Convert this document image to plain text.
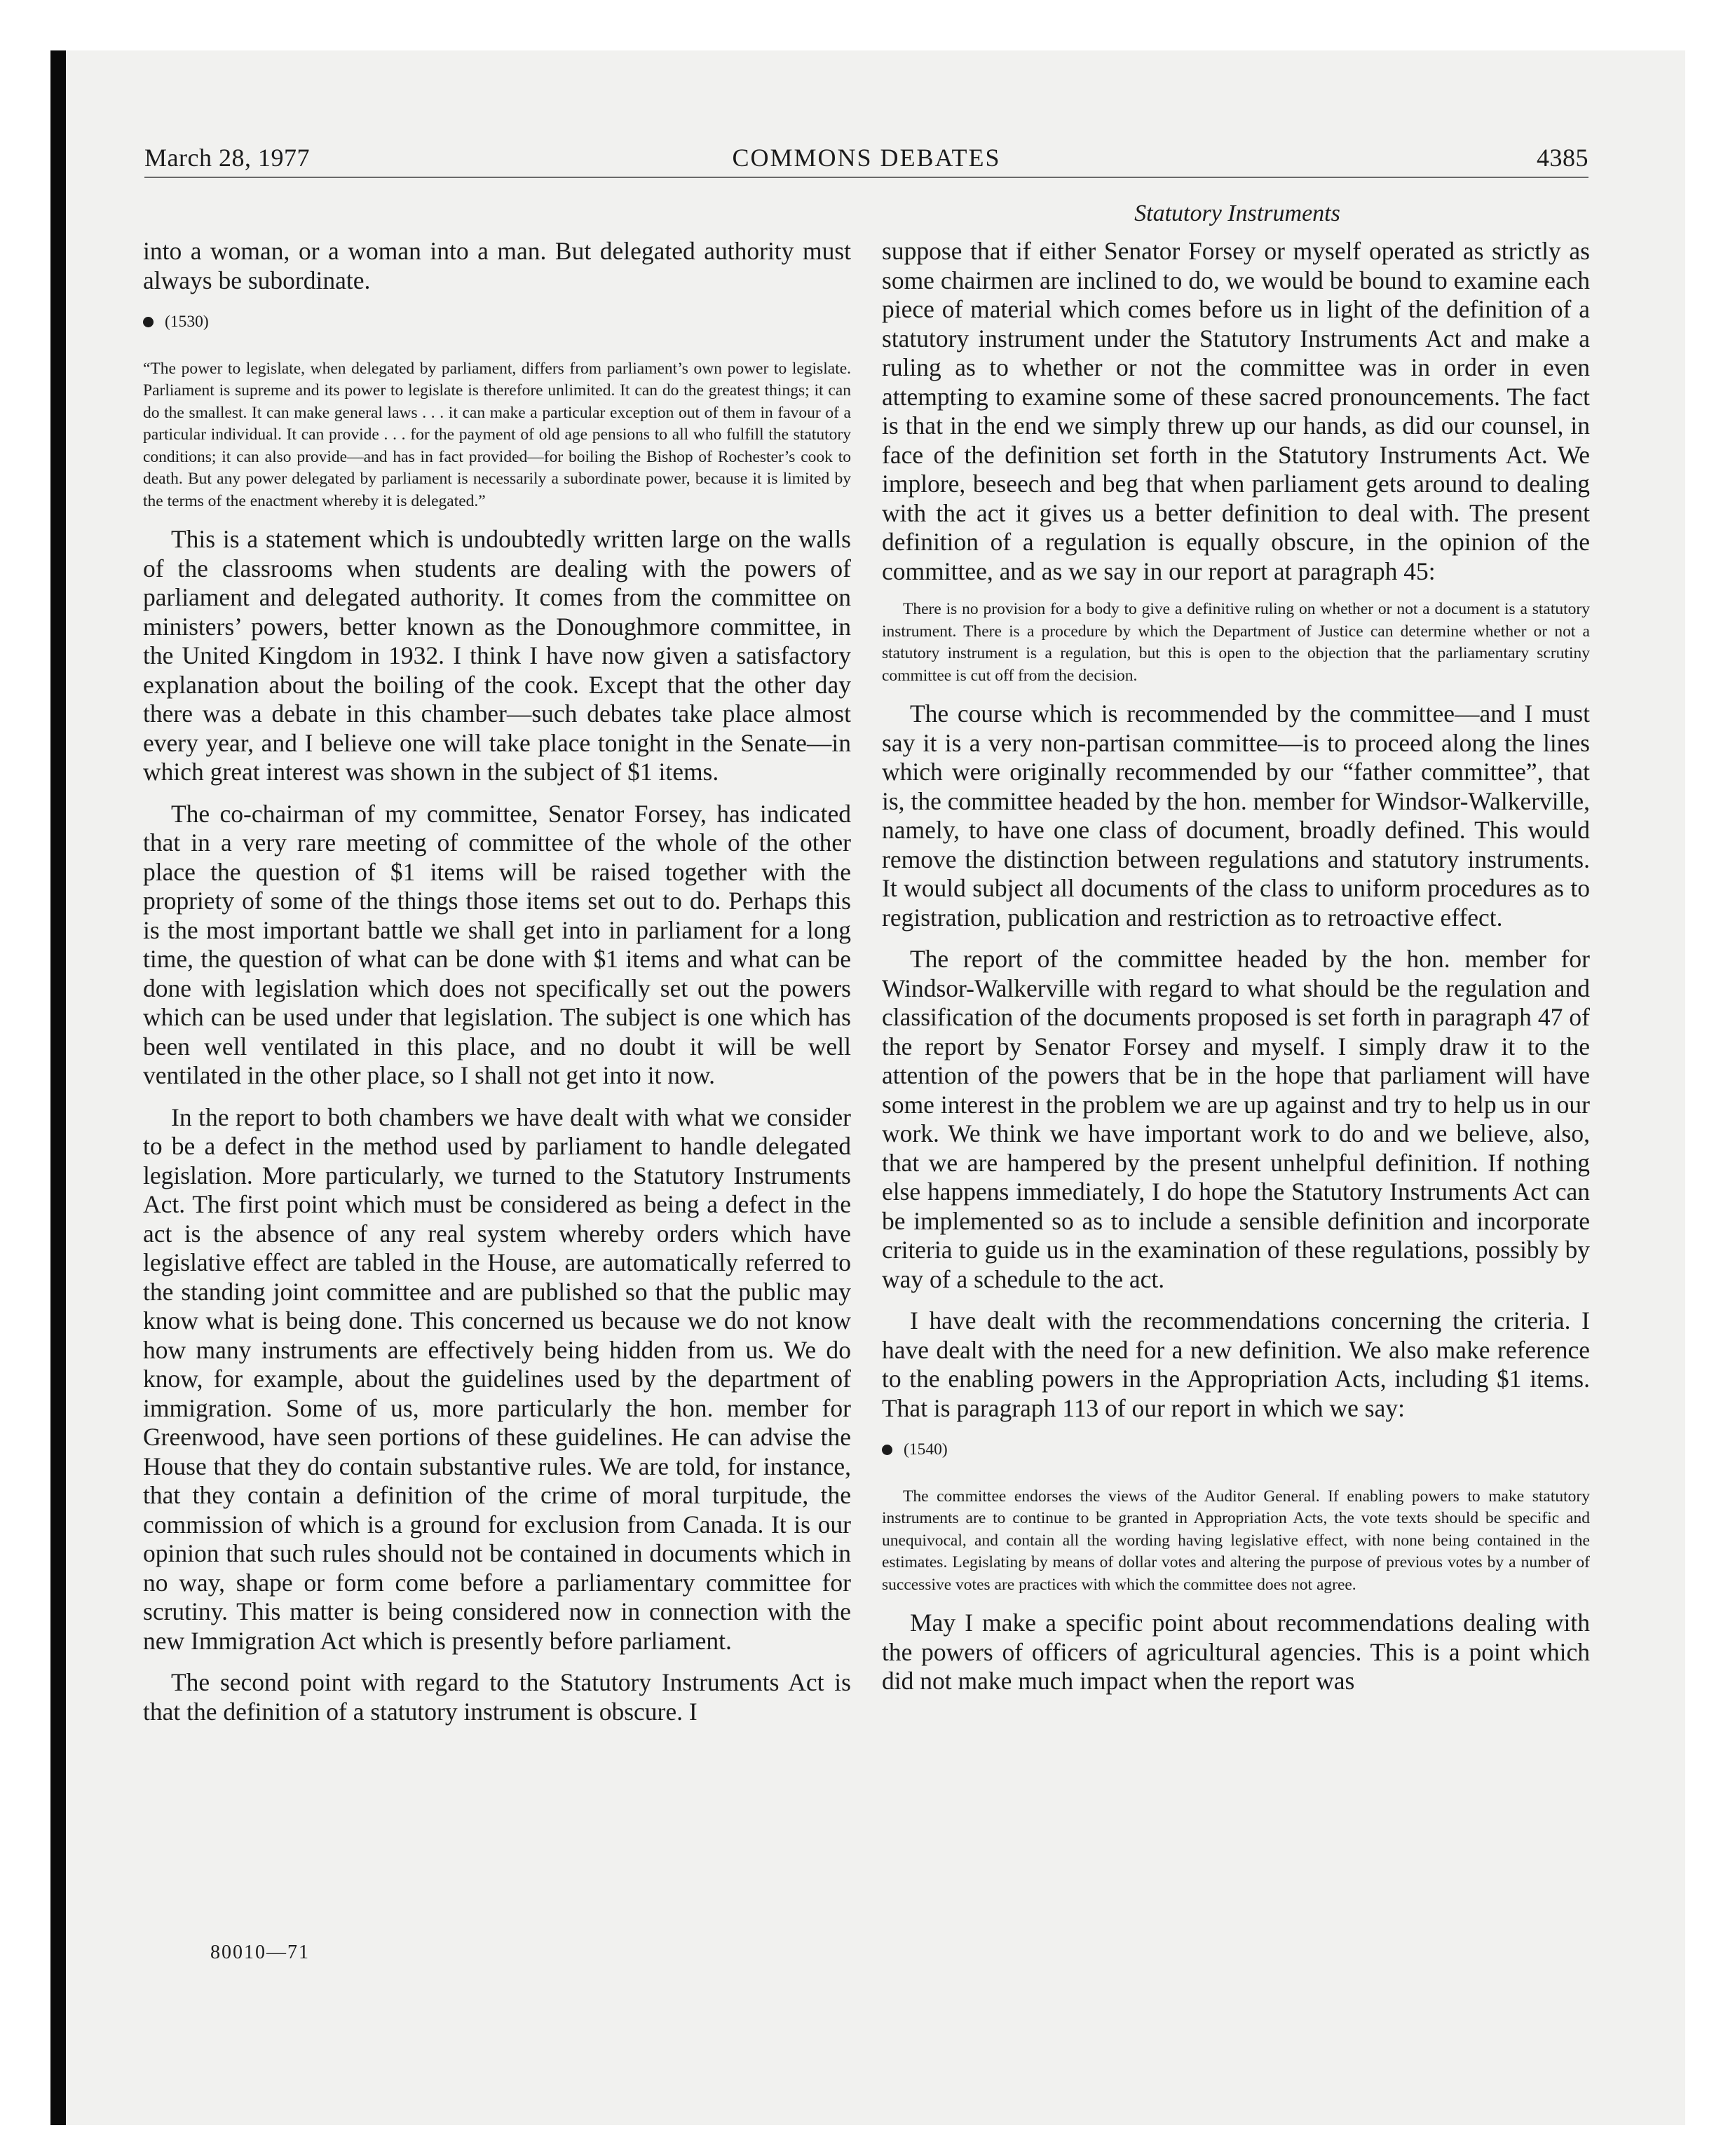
March 28, 1977	COMMONS DEBATES	4385
Statutory Instruments

into a woman, or a woman into a man. But delegated authority must always be subordinate.

(1530)

“The power to legislate, when delegated by parliament, differs from parliament’s own power to legislate. Parliament is supreme and its power to legislate is therefore unlimited. It can do the greatest things; it can do the smallest. It can make general laws . . . it can make a particular exception out of them in favour of a particular individual. It can provide . . . for the payment of old age pensions to all who fulfill the statutory conditions; it can also provide—and has in fact provided—for boiling the Bishop of Rochester’s cook to death. But any power delegated by parliament is necessarily a subordinate power, because it is limited by the terms of the enactment whereby it is delegated.”

This is a statement which is undoubtedly written large on the walls of the classrooms when students are dealing with the powers of parliament and delegated authority. It comes from the committee on ministers’ powers, better known as the Donoughmore committee, in the United Kingdom in 1932. I think I have now given a satisfactory explanation about the boiling of the cook. Except that the other day there was a debate in this chamber—such debates take place almost every year, and I believe one will take place tonight in the Senate—in which great interest was shown in the subject of $1 items.

The co-chairman of my committee, Senator Forsey, has indicated that in a very rare meeting of committee of the whole of the other place the question of $1 items will be raised together with the propriety of some of the things those items set out to do. Perhaps this is the most important battle we shall get into in parliament for a long time, the question of what can be done with $1 items and what can be done with legislation which does not specifically set out the powers which can be used under that legislation. The subject is one which has been well ventilated in this place, and no doubt it will be well ventilated in the other place, so I shall not get into it now.

In the report to both chambers we have dealt with what we consider to be a defect in the method used by parliament to handle delegated legislation. More particularly, we turned to the Statutory Instruments Act. The first point which must be considered as being a defect in the act is the absence of any real system whereby orders which have legislative effect are tabled in the House, are automatically referred to the standing joint committee and are published so that the public may know what is being done. This concerned us because we do not know how many instruments are effectively being hidden from us. We do know, for example, about the guidelines used by the department of immigration. Some of us, more particularly the hon. member for Greenwood, have seen portions of these guidelines. He can advise the House that they do contain substantive rules. We are told, for instance, that they contain a definition of the crime of moral turpitude, the commission of which is a ground for exclusion from Canada. It is our opinion that such rules should not be contained in documents which in no way, shape or form come before a parliamentary committee for scrutiny. This matter is being considered now in connection with the new Immigration Act which is presently before parliament.

The second point with regard to the Statutory Instruments Act is that the definition of a statutory instrument is obscure. I

suppose that if either Senator Forsey or myself operated as strictly as some chairmen are inclined to do, we would be bound to examine each piece of material which comes before us in light of the definition of a statutory instrument under the Statutory Instruments Act and make a ruling as to whether or not the committee was in order in even attempting to examine some of these sacred pronouncements. The fact is that in the end we simply threw up our hands, as did our counsel, in face of the definition set forth in the Statutory Instruments Act. We implore, beseech and beg that when parliament gets around to dealing with the act it gives us a better definition to deal with. The present definition of a regulation is equally obscure, in the opinion of the committee, and as we say in our report at paragraph 45:

There is no provision for a body to give a definitive ruling on whether or not a document is a statutory instrument. There is a procedure by which the Department of Justice can determine whether or not a statutory instrument is a regulation, but this is open to the objection that the parliamentary scrutiny committee is cut off from the decision.

The course which is recommended by the committee—and I must say it is a very non-partisan committee—is to proceed along the lines which were originally recommended by our “father committee”, that is, the committee headed by the hon. member for Windsor-Walkerville, namely, to have one class of document, broadly defined. This would remove the distinction between regulations and statutory instruments. It would subject all documents of the class to uniform procedures as to registration, publication and restriction as to retroactive effect.

The report of the committee headed by the hon. member for Windsor-Walkerville with regard to what should be the regulation and classification of the documents proposed is set forth in paragraph 47 of the report by Senator Forsey and myself. I simply draw it to the attention of the powers that be in the hope that parliament will have some interest in the problem we are up against and try to help us in our work. We think we have important work to do and we believe, also, that we are hampered by the present unhelpful definition. If nothing else happens immediately, I do hope the Statutory Instruments Act can be implemented so as to include a sensible definition and incorporate criteria to guide us in the examination of these regulations, possibly by way of a schedule to the act.

I have dealt with the recommendations concerning the criteria. I have dealt with the need for a new definition. We also make reference to the enabling powers in the Appropriation Acts, including $1 items. That is paragraph 113 of our report in which we say:

(1540)

The committee endorses the views of the Auditor General. If enabling powers to make statutory instruments are to continue to be granted in Appropriation Acts, the vote texts should be specific and unequivocal, and contain all the wording having legislative effect, with none being contained in the estimates. Legislating by means of dollar votes and altering the purpose of previous votes by a number of successive votes are practices with which the committee does not agree.

May I make a specific point about recommendations dealing with the powers of officers of agricultural agencies. This is a point which did not make much impact when the report was

80010—71
